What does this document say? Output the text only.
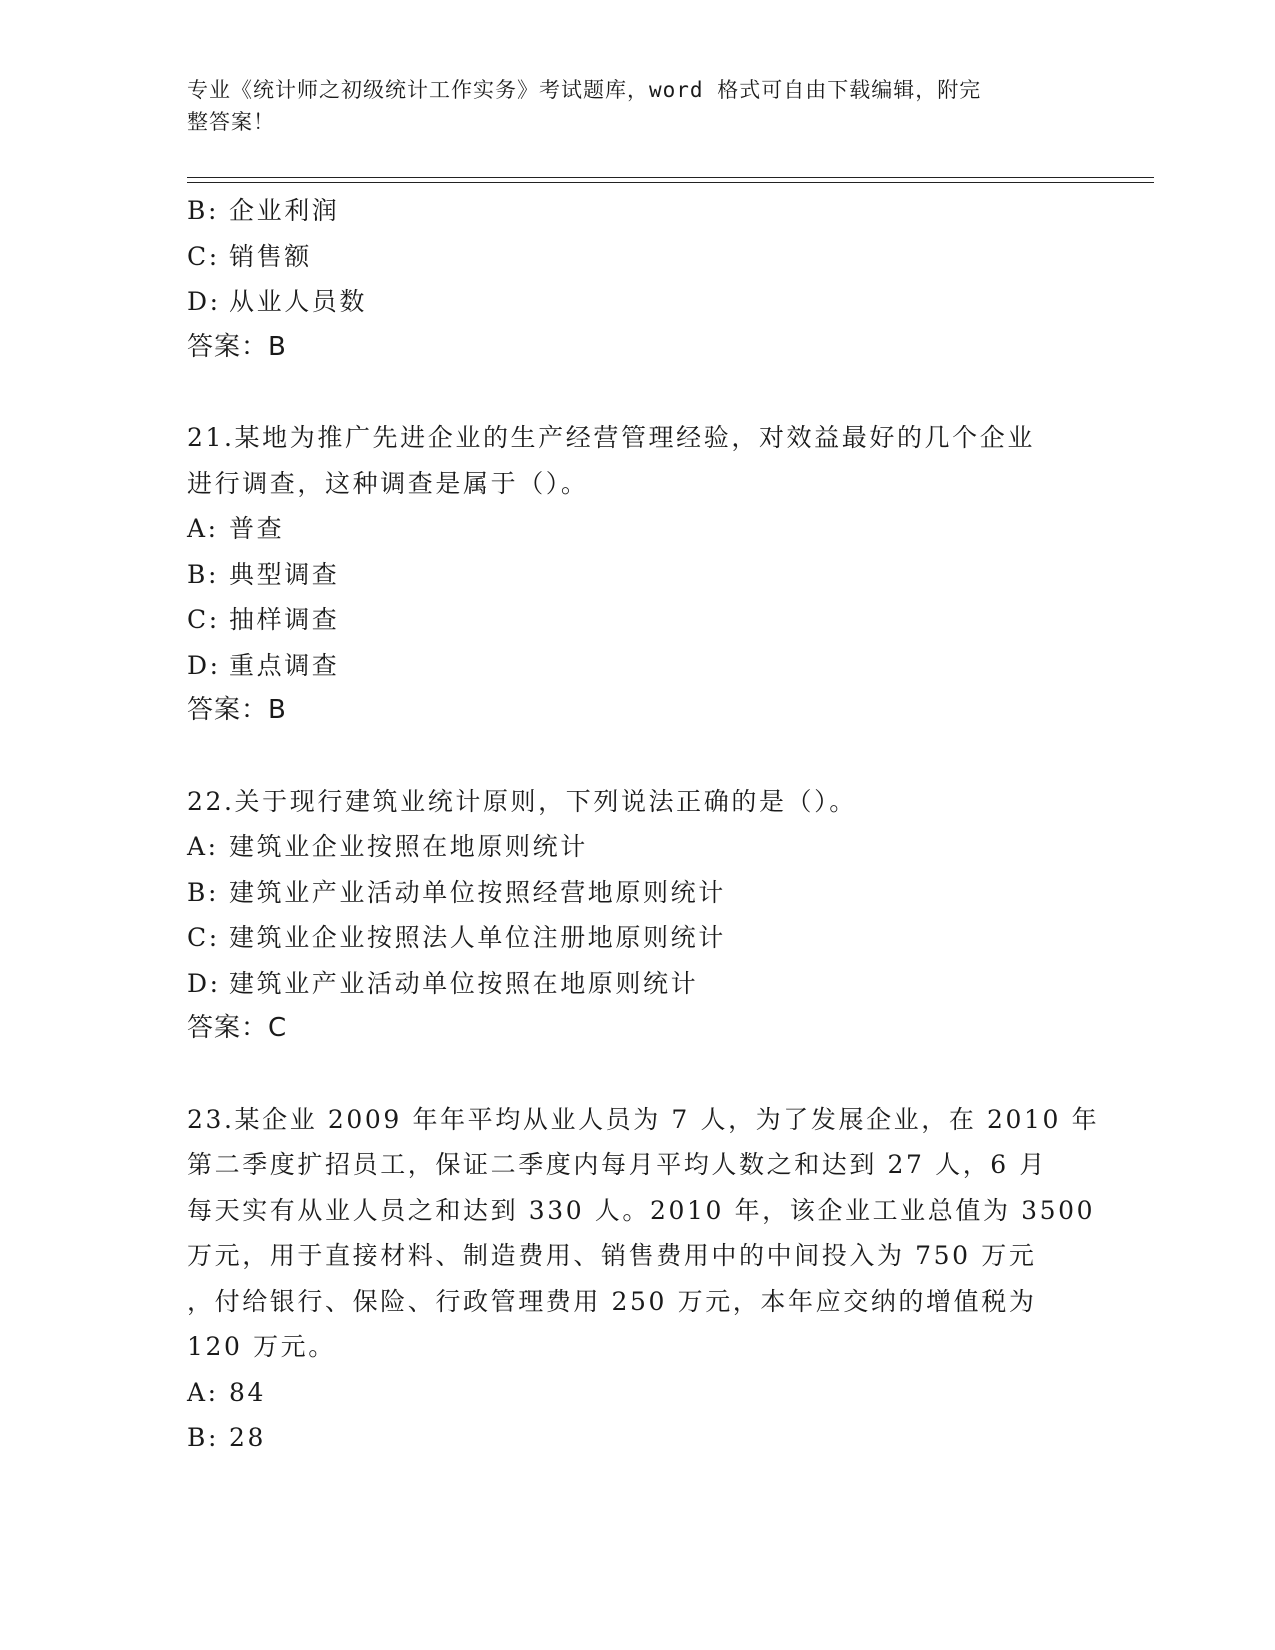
专业《统计师之初级统计工作实务》考试题库，word 格式可自由下载编辑，附完
整答案！
B: 企业利润
C: 销售额
D: 从业人员数
答案：B
21.某地为推广先进企业的生产经营管理经验，对效益最好的几个企业
进行调查，这种调查是属于（）。
A: 普查
B: 典型调查
C: 抽样调查
D: 重点调查
答案：B
22.关于现行建筑业统计原则，下列说法正确的是（）。
A: 建筑业企业按照在地原则统计
B: 建筑业产业活动单位按照经营地原则统计
C: 建筑业企业按照法人单位注册地原则统计
D: 建筑业产业活动单位按照在地原则统计
答案：C
23.某企业 2009 年年平均从业人员为 7 人，为了发展企业，在 2010 年
第二季度扩招员工，保证二季度内每月平均人数之和达到 27 人，6 月
每天实有从业人员之和达到 330 人。2010 年，该企业工业总值为 3500
万元，用于直接材料、制造费用、销售费用中的中间投入为 750 万元
，付给银行、保险、行政管理费用 250 万元，本年应交纳的增值税为
120 万元。
A: 84
B: 28
